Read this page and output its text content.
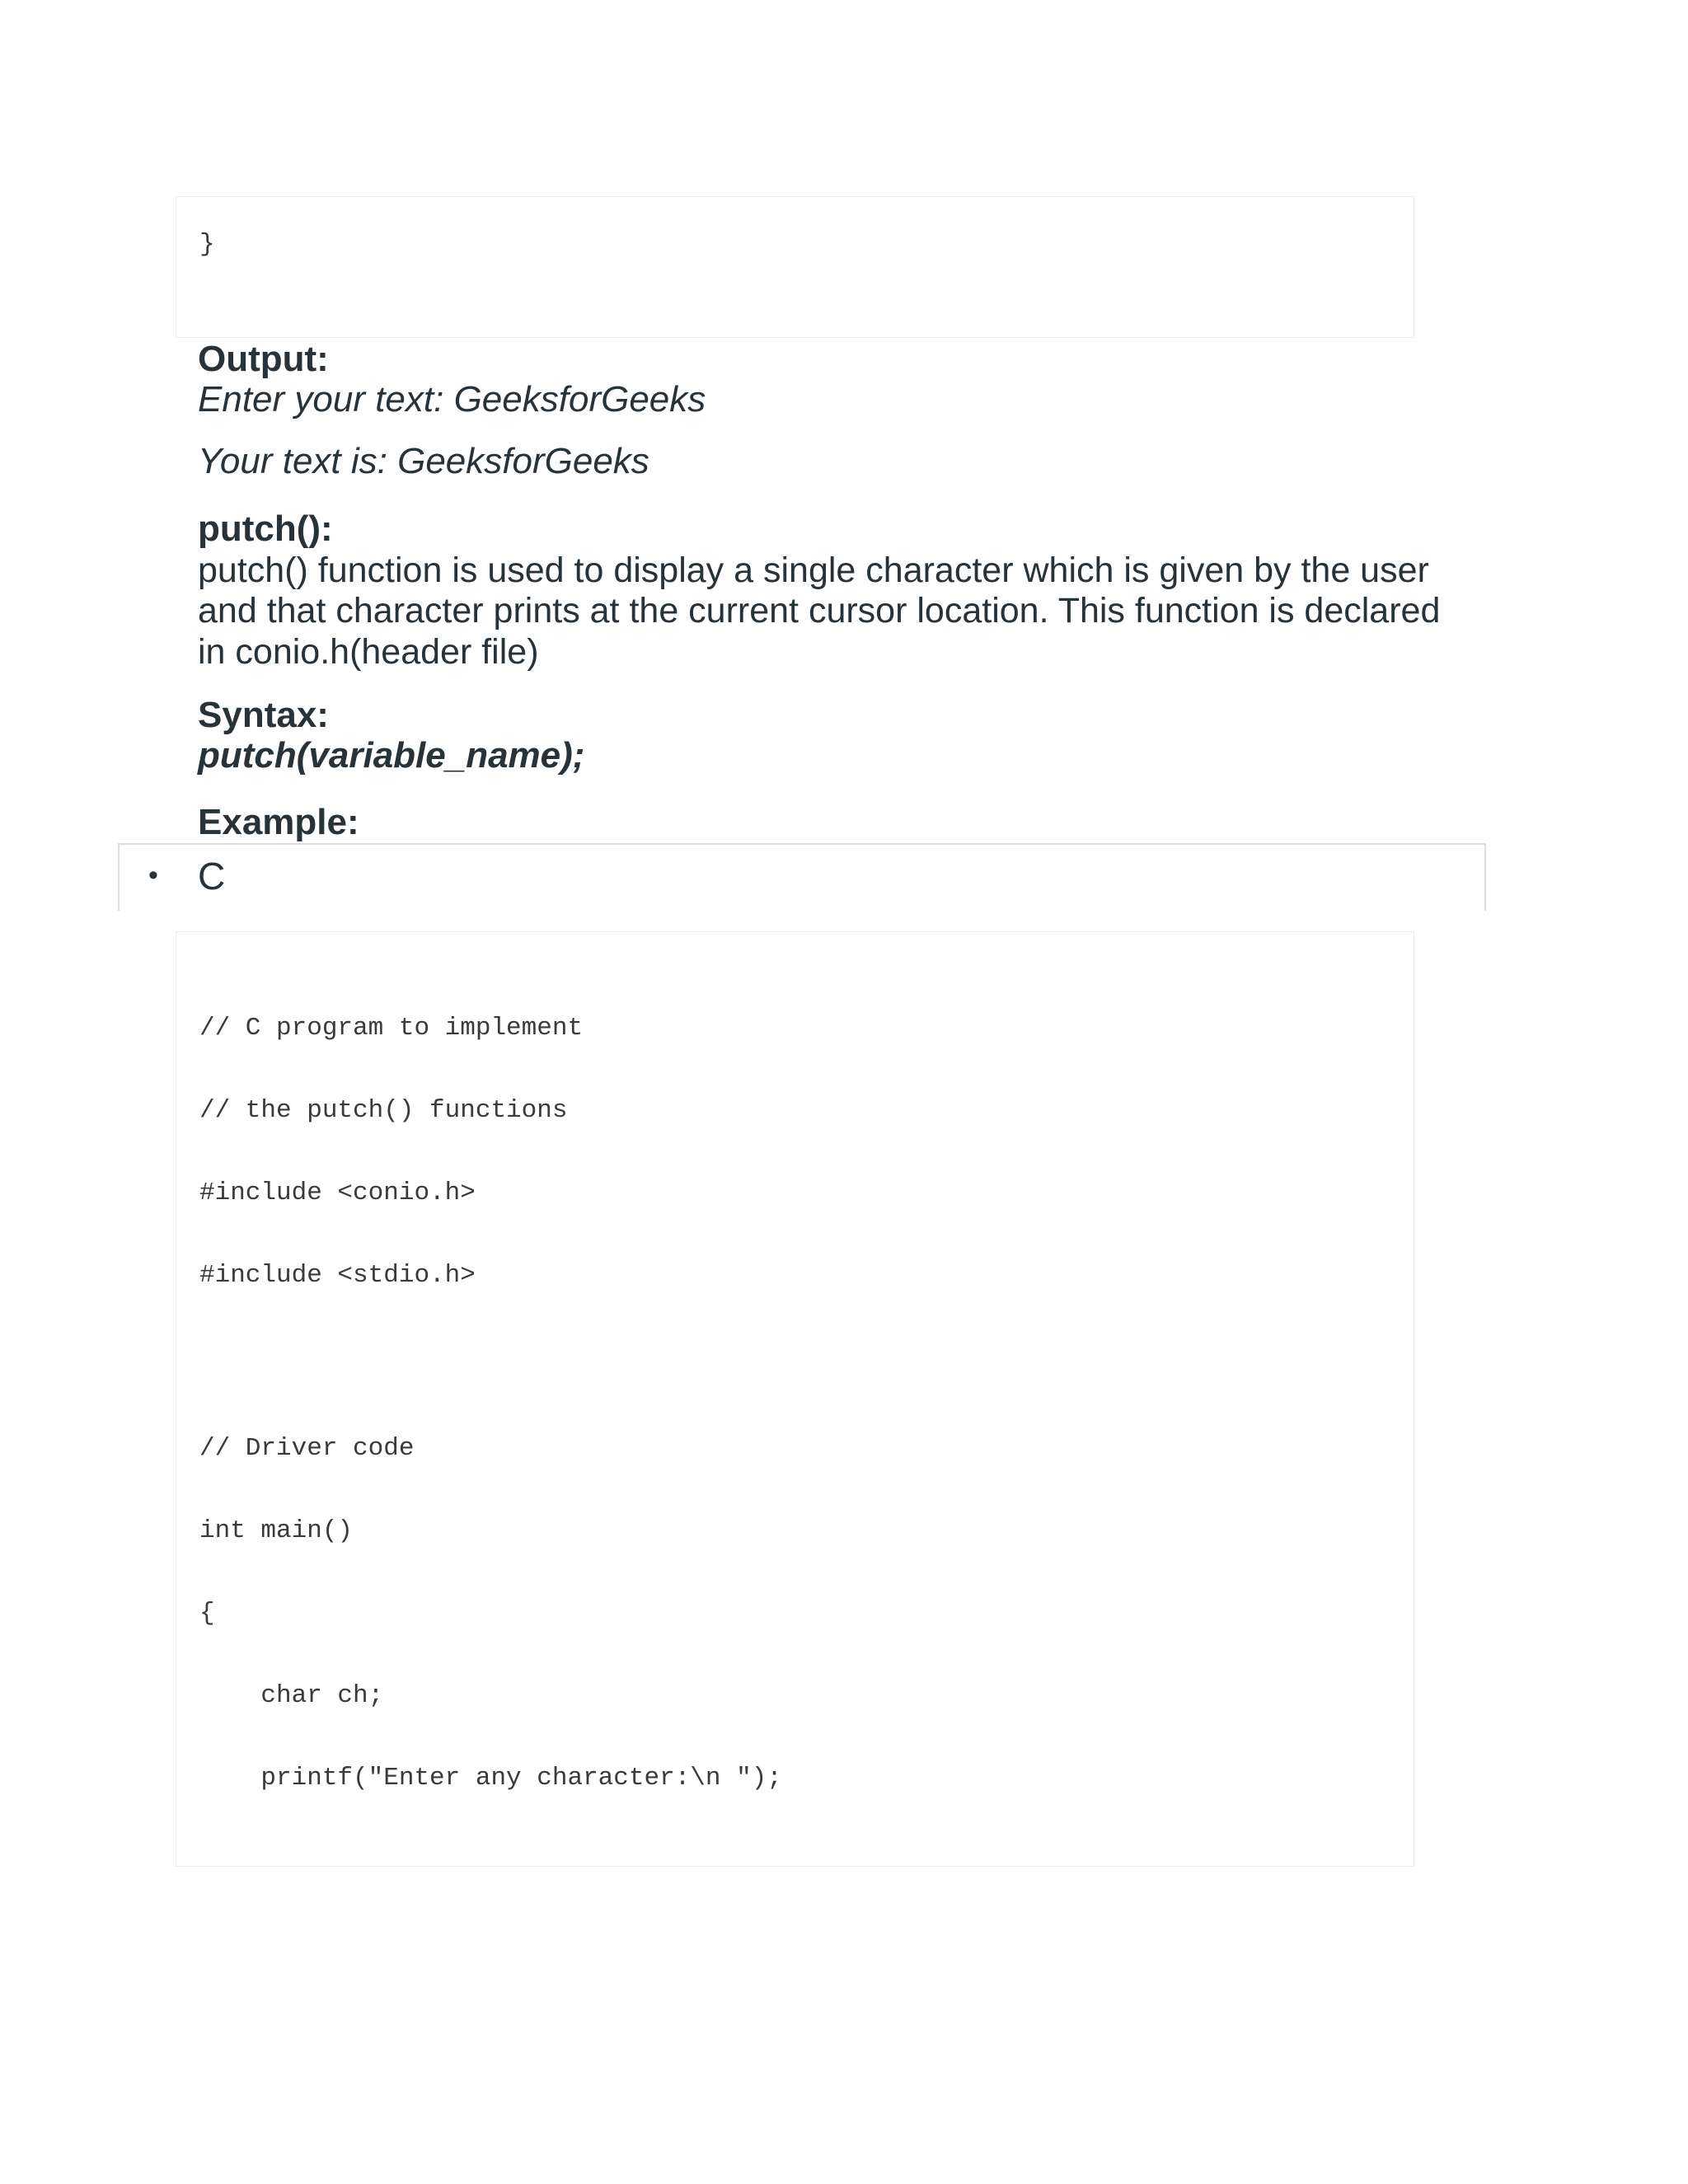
}
Output:
Enter your text: GeeksforGeeks
Your text is: GeeksforGeeks
putch():
putch() function is used to display a single character which is given by the user
and that character prints at the current cursor location. This function is declared
in conio.h(header file)
Syntax:
putch(variable_name);
Example:
• C
// C program to implement
// the putch() functions
#include <conio.h>
#include <stdio.h>
// Driver code
int main()
{
char ch;
printf("Enter any character:\n ");
